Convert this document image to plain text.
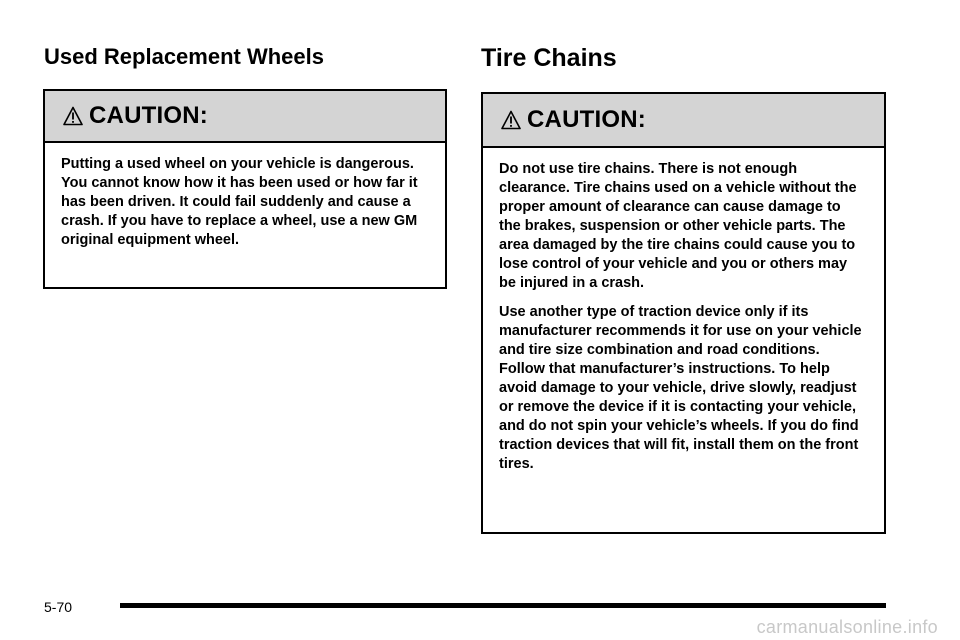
Used Replacement Wheels
CAUTION:

Putting a used wheel on your vehicle is dangerous. You cannot know how it has been used or how far it has been driven. It could fail suddenly and cause a crash. If you have to replace a wheel, use a new GM original equipment wheel.

Tire Chains
CAUTION:

Do not use tire chains. There is not enough clearance. Tire chains used on a vehicle without the proper amount of clearance can cause damage to the brakes, suspension or other vehicle parts. The area damaged by the tire chains could cause you to lose control of your vehicle and you or others may be injured in a crash.

Use another type of traction device only if its manufacturer recommends it for use on your vehicle and tire size combination and road conditions. Follow that manufacturer’s instructions. To help avoid damage to your vehicle, drive slowly, readjust or remove the device if it is contacting your vehicle, and do not spin your vehicle’s wheels. If you do find traction devices that will fit, install them on the front tires.

5-70
carmanualsonline.info
